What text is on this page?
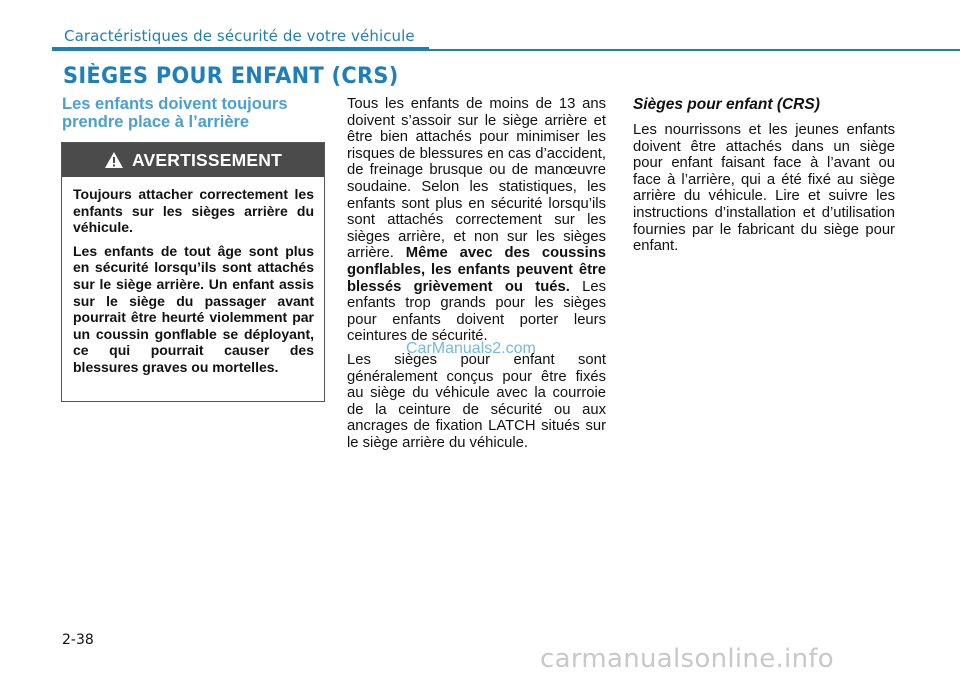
Caractéristiques de sécurité de votre véhicule
SIÈGES POUR ENFANT (CRS)
Les enfants doivent toujours prendre place à l’arrière
AVERTISSEMENT

Toujours attacher correctement les enfants sur les sièges arrière du véhicule.

Les enfants de tout âge sont plus en sécurité lorsqu’ils sont attachés sur le siège arrière. Un enfant assis sur le siège du passager avant pourrait être heurté violemment par un coussin gonflable se déployant, ce qui pourrait causer des blessures graves ou mortelles.

Tous les enfants de moins de 13 ans doivent s’assoir sur le siège arrière et être bien attachés pour minimiser les risques de blessures en cas d’accident, de freinage brusque ou de manœuvre soudaine. Selon les statistiques, les enfants sont plus en sécurité lorsqu’ils sont attachés correctement sur les sièges arrière, et non sur les sièges arrière. Même avec des coussins gonflables, les enfants peuvent être blessés grièvement ou tués. Les enfants trop grands pour les sièges pour enfants doivent porter leurs ceintures de sécurité.

Les sièges pour enfant sont généralement conçus pour être fixés au siège du véhicule avec la courroie de la ceinture de sécurité ou aux ancrages de fixation LATCH situés sur le siège arrière du véhicule.

Sièges pour enfant (CRS)

Les nourrissons et les jeunes enfants doivent être attachés dans un siège pour enfant faisant face à l’avant ou face à l’arrière, qui a été fixé au siège arrière du véhicule. Lire et suivre les instructions d’installation et d’utilisation fournies par le fabricant du siège pour enfant.

CarManuals2.com
2-38
carmanualsonline.info
